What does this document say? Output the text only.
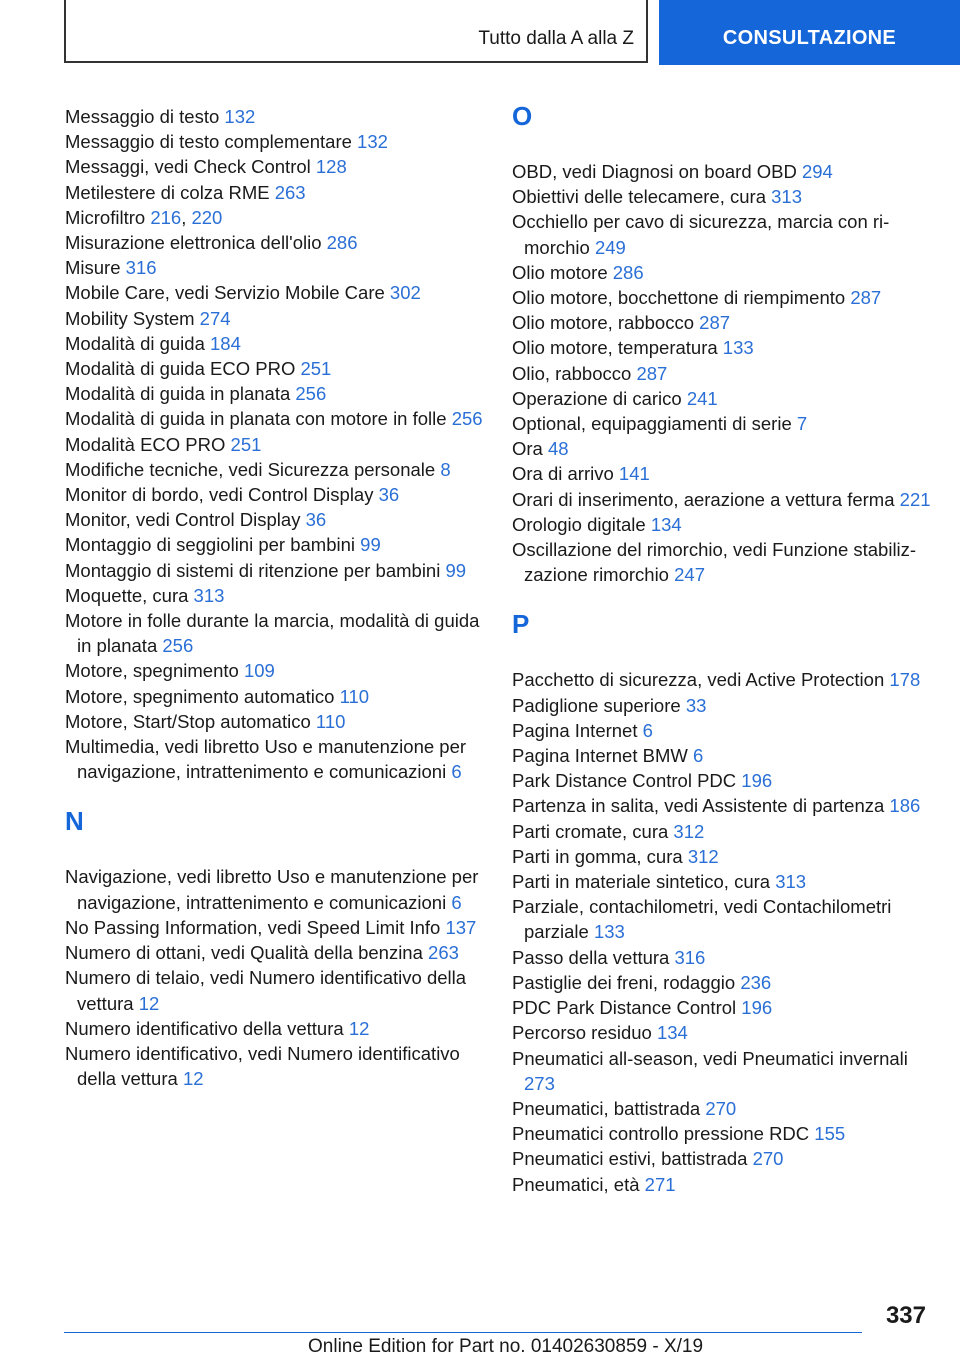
Tutto dalla A alla Z	CONSULTAZIONE
Messaggio di testo 132
Messaggio di testo complementare 132
Messaggi, vedi Check Control 128
Metilestere di colza RME 263
Microfiltro 216, 220
Misurazione elettronica dell'olio 286
Misure 316
Mobile Care, vedi Servizio Mobile Care 302
Mobility System 274
Modalità di guida 184
Modalità di guida ECO PRO 251
Modalità di guida in planata 256
Modalità di guida in planata con motore in folle 256
Modalità ECO PRO 251
Modifiche tecniche, vedi Sicurezza personale 8
Monitor di bordo, vedi Control Display 36
Monitor, vedi Control Display 36
Montaggio di seggiolini per bambini 99
Montaggio di sistemi di ritenzione per bambini 99
Moquette, cura 313
Motore in folle durante la marcia, modalità di guida in planata 256
Motore, spegnimento 109
Motore, spegnimento automatico 110
Motore, Start/Stop automatico 110
Multimedia, vedi libretto Uso e manutenzione per navigazione, intrattenimento e comunicazioni 6
N
Navigazione, vedi libretto Uso e manutenzione per navigazione, intrattenimento e comunicazioni 6
No Passing Information, vedi Speed Limit Info 137
Numero di ottani, vedi Qualità della benzina 263
Numero di telaio, vedi Numero identificativo della vettura 12
Numero identificativo della vettura 12
Numero identificativo, vedi Numero identificativo della vettura 12
O
OBD, vedi Diagnosi on board OBD 294
Obiettivi delle telecamere, cura 313
Occhiello per cavo di sicurezza, marcia con rimorchio 249
Olio motore 286
Olio motore, bocchettone di riempimento 287
Olio motore, rabbocco 287
Olio motore, temperatura 133
Olio, rabbocco 287
Operazione di carico 241
Optional, equipaggiamenti di serie 7
Ora 48
Ora di arrivo 141
Orari di inserimento, aerazione a vettura ferma 221
Orologio digitale 134
Oscillazione del rimorchio, vedi Funzione stabilizzazione rimorchio 247
P
Pacchetto di sicurezza, vedi Active Protection 178
Padiglione superiore 33
Pagina Internet 6
Pagina Internet BMW 6
Park Distance Control PDC 196
Partenza in salita, vedi Assistente di partenza 186
Parti cromate, cura 312
Parti in gomma, cura 312
Parti in materiale sintetico, cura 313
Parziale, contachilometri, vedi Contachilometri parziale 133
Passo della vettura 316
Pastiglie dei freni, rodaggio 236
PDC Park Distance Control 196
Percorso residuo 134
Pneumatici all-season, vedi Pneumatici invernali 273
Pneumatici, battistrada 270
Pneumatici controllo pressione RDC 155
Pneumatici estivi, battistrada 270
Pneumatici, età 271
337
Online Edition for Part no. 01402630859 - X/19
